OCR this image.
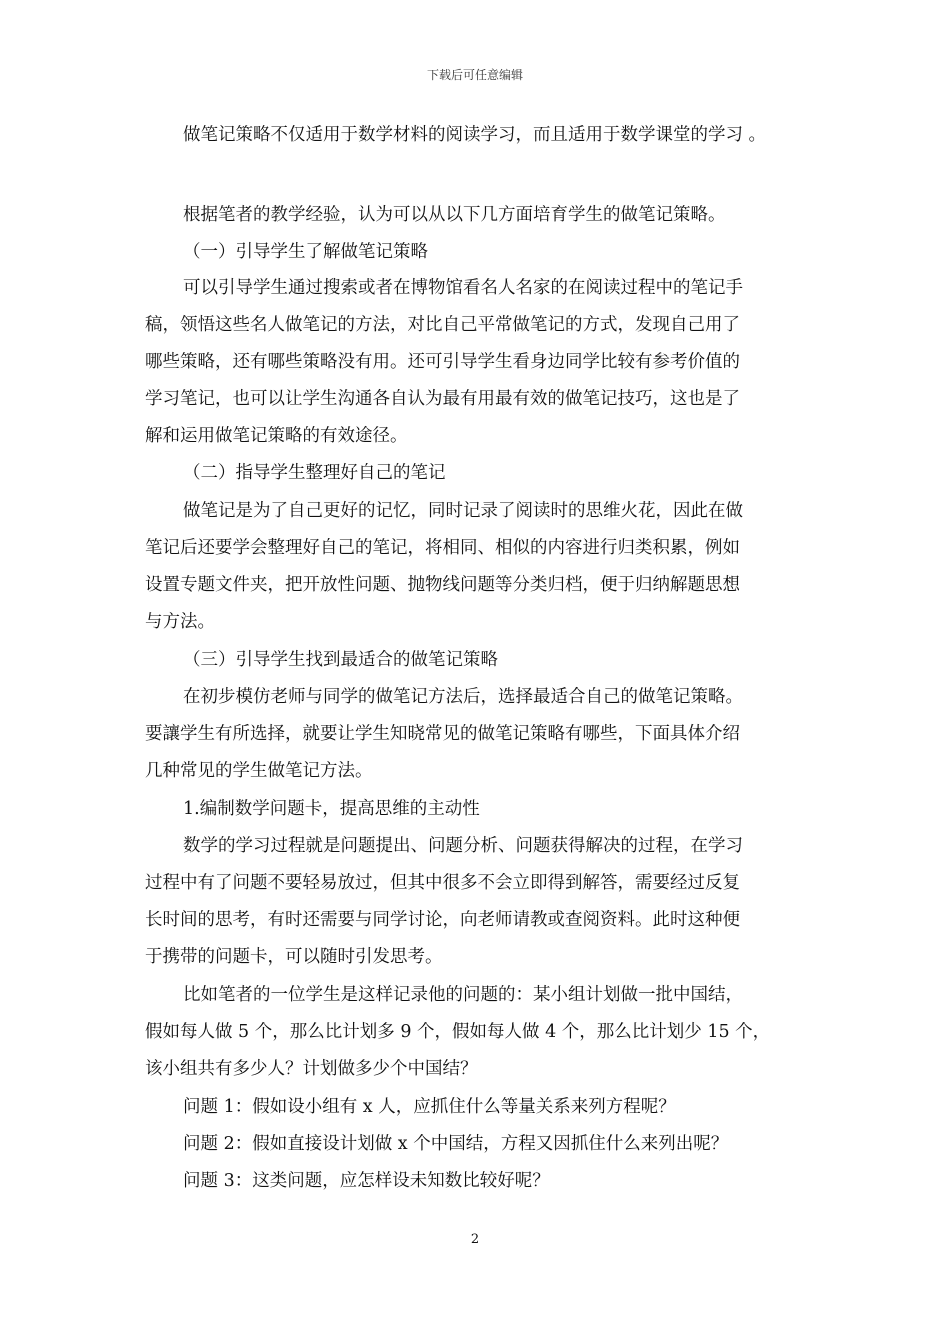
下载后可任意编辑
做笔记策略不仅适用于数学材料的阅读学习，而且适用于数学课堂的学习 。
根据笔者的教学经验，认为可以从以下几方面培育学生的做笔记策略。
（一）引导学生了解做笔记策略
可以引导学生通过搜索或者在博物馆看名人名家的在阅读过程中的笔记手
稿，领悟这些名人做笔记的方法，对比自己平常做笔记的方式，发现自己用了
哪些策略，还有哪些策略没有用。还可引导学生看身边同学比较有参考价值的
学习笔记，也可以让学生沟通各自认为最有用最有效的做笔记技巧，这也是了
解和运用做笔记策略的有效途径。
（二）指导学生整理好自己的笔记
做笔记是为了自己更好的记忆，同时记录了阅读时的思维火花，因此在做
笔记后还要学会整理好自己的笔记，将相同、相似的内容进行归类积累，例如
设置专题文件夹，把开放性问题、抛物线问题等分类归档，便于归纳解题思想
与方法。
（三）引导学生找到最适合的做笔记策略
在初步模仿老师与同学的做笔记方法后，选择最适合自己的做笔记策略。
要讓学生有所选择，就要让学生知晓常见的做笔记策略有哪些，下面具体介绍
几种常见的学生做笔记方法。
1.编制数学问题卡，提高思维的主动性
数学的学习过程就是问题提出、问题分析、问题获得解决的过程，在学习
过程中有了问题不要轻易放过，但其中很多不会立即得到解答，需要经过反复
长时间的思考，有时还需要与同学讨论，向老师请教或查阅资料。此时这种便
于携带的问题卡，可以随时引发思考。
比如笔者的一位学生是这样记录他的问题的：某小组计划做一批中国结，
假如每人做 5 个，那么比计划多 9 个，假如每人做 4 个，那么比计划少 15 个，
该小组共有多少人？计划做多少个中国结？
问题 1：假如设小组有 x 人，应抓住什么等量关系来列方程呢？
问题 2：假如直接设计划做 x 个中国结，方程又因抓住什么来列出呢？
问题 3：这类问题，应怎样设未知数比较好呢？
2
